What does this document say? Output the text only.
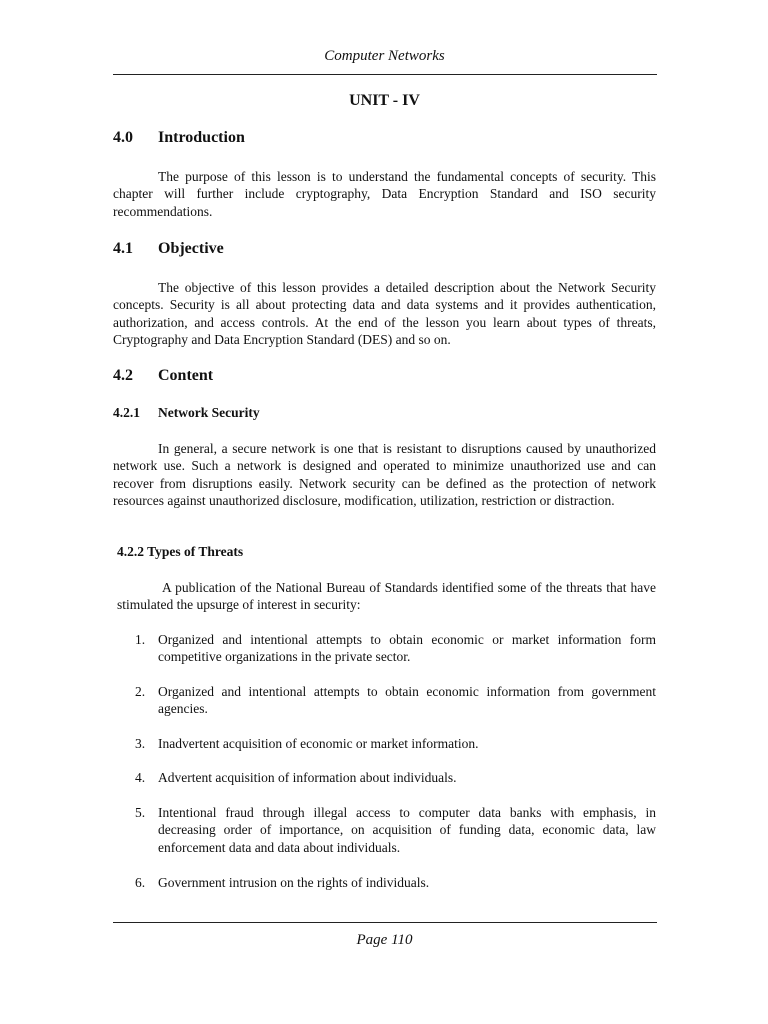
Computer Networks
UNIT - IV
4.0 Introduction

The purpose of this lesson is to understand the fundamental concepts of security. This chapter will further include cryptography, Data Encryption Standard and ISO security recommendations.

4.1 Objective

The objective of this lesson provides a detailed description about the Network Security concepts. Security is all about protecting data and data systems and it provides authentication, authorization, and access controls. At the end of the lesson you learn about types of threats, Cryptography and Data Encryption Standard (DES) and so on.

4.2 Content
4.2.1 Network Security

In general, a secure network is one that is resistant to disruptions caused by unauthorized network use. Such a network is designed and operated to minimize unauthorized use and can recover from disruptions easily. Network security can be defined as the protection of network resources against unauthorized disclosure, modification, utilization, restriction or distraction.

4.2.2 Types of Threats

A publication of the National Bureau of Standards identified some of the threats that have stimulated the upsurge of interest in security:

1. Organized and intentional attempts to obtain economic or market information form competitive organizations in the private sector.
2. Organized and intentional attempts to obtain economic information from government agencies.
3. Inadvertent acquisition of economic or market information.
4. Advertent acquisition of information about individuals.
5. Intentional fraud through illegal access to computer data banks with emphasis, in decreasing order of importance, on acquisition of funding data, economic data, law enforcement data and data about individuals.
6. Government intrusion on the rights of individuals.
Page 110
